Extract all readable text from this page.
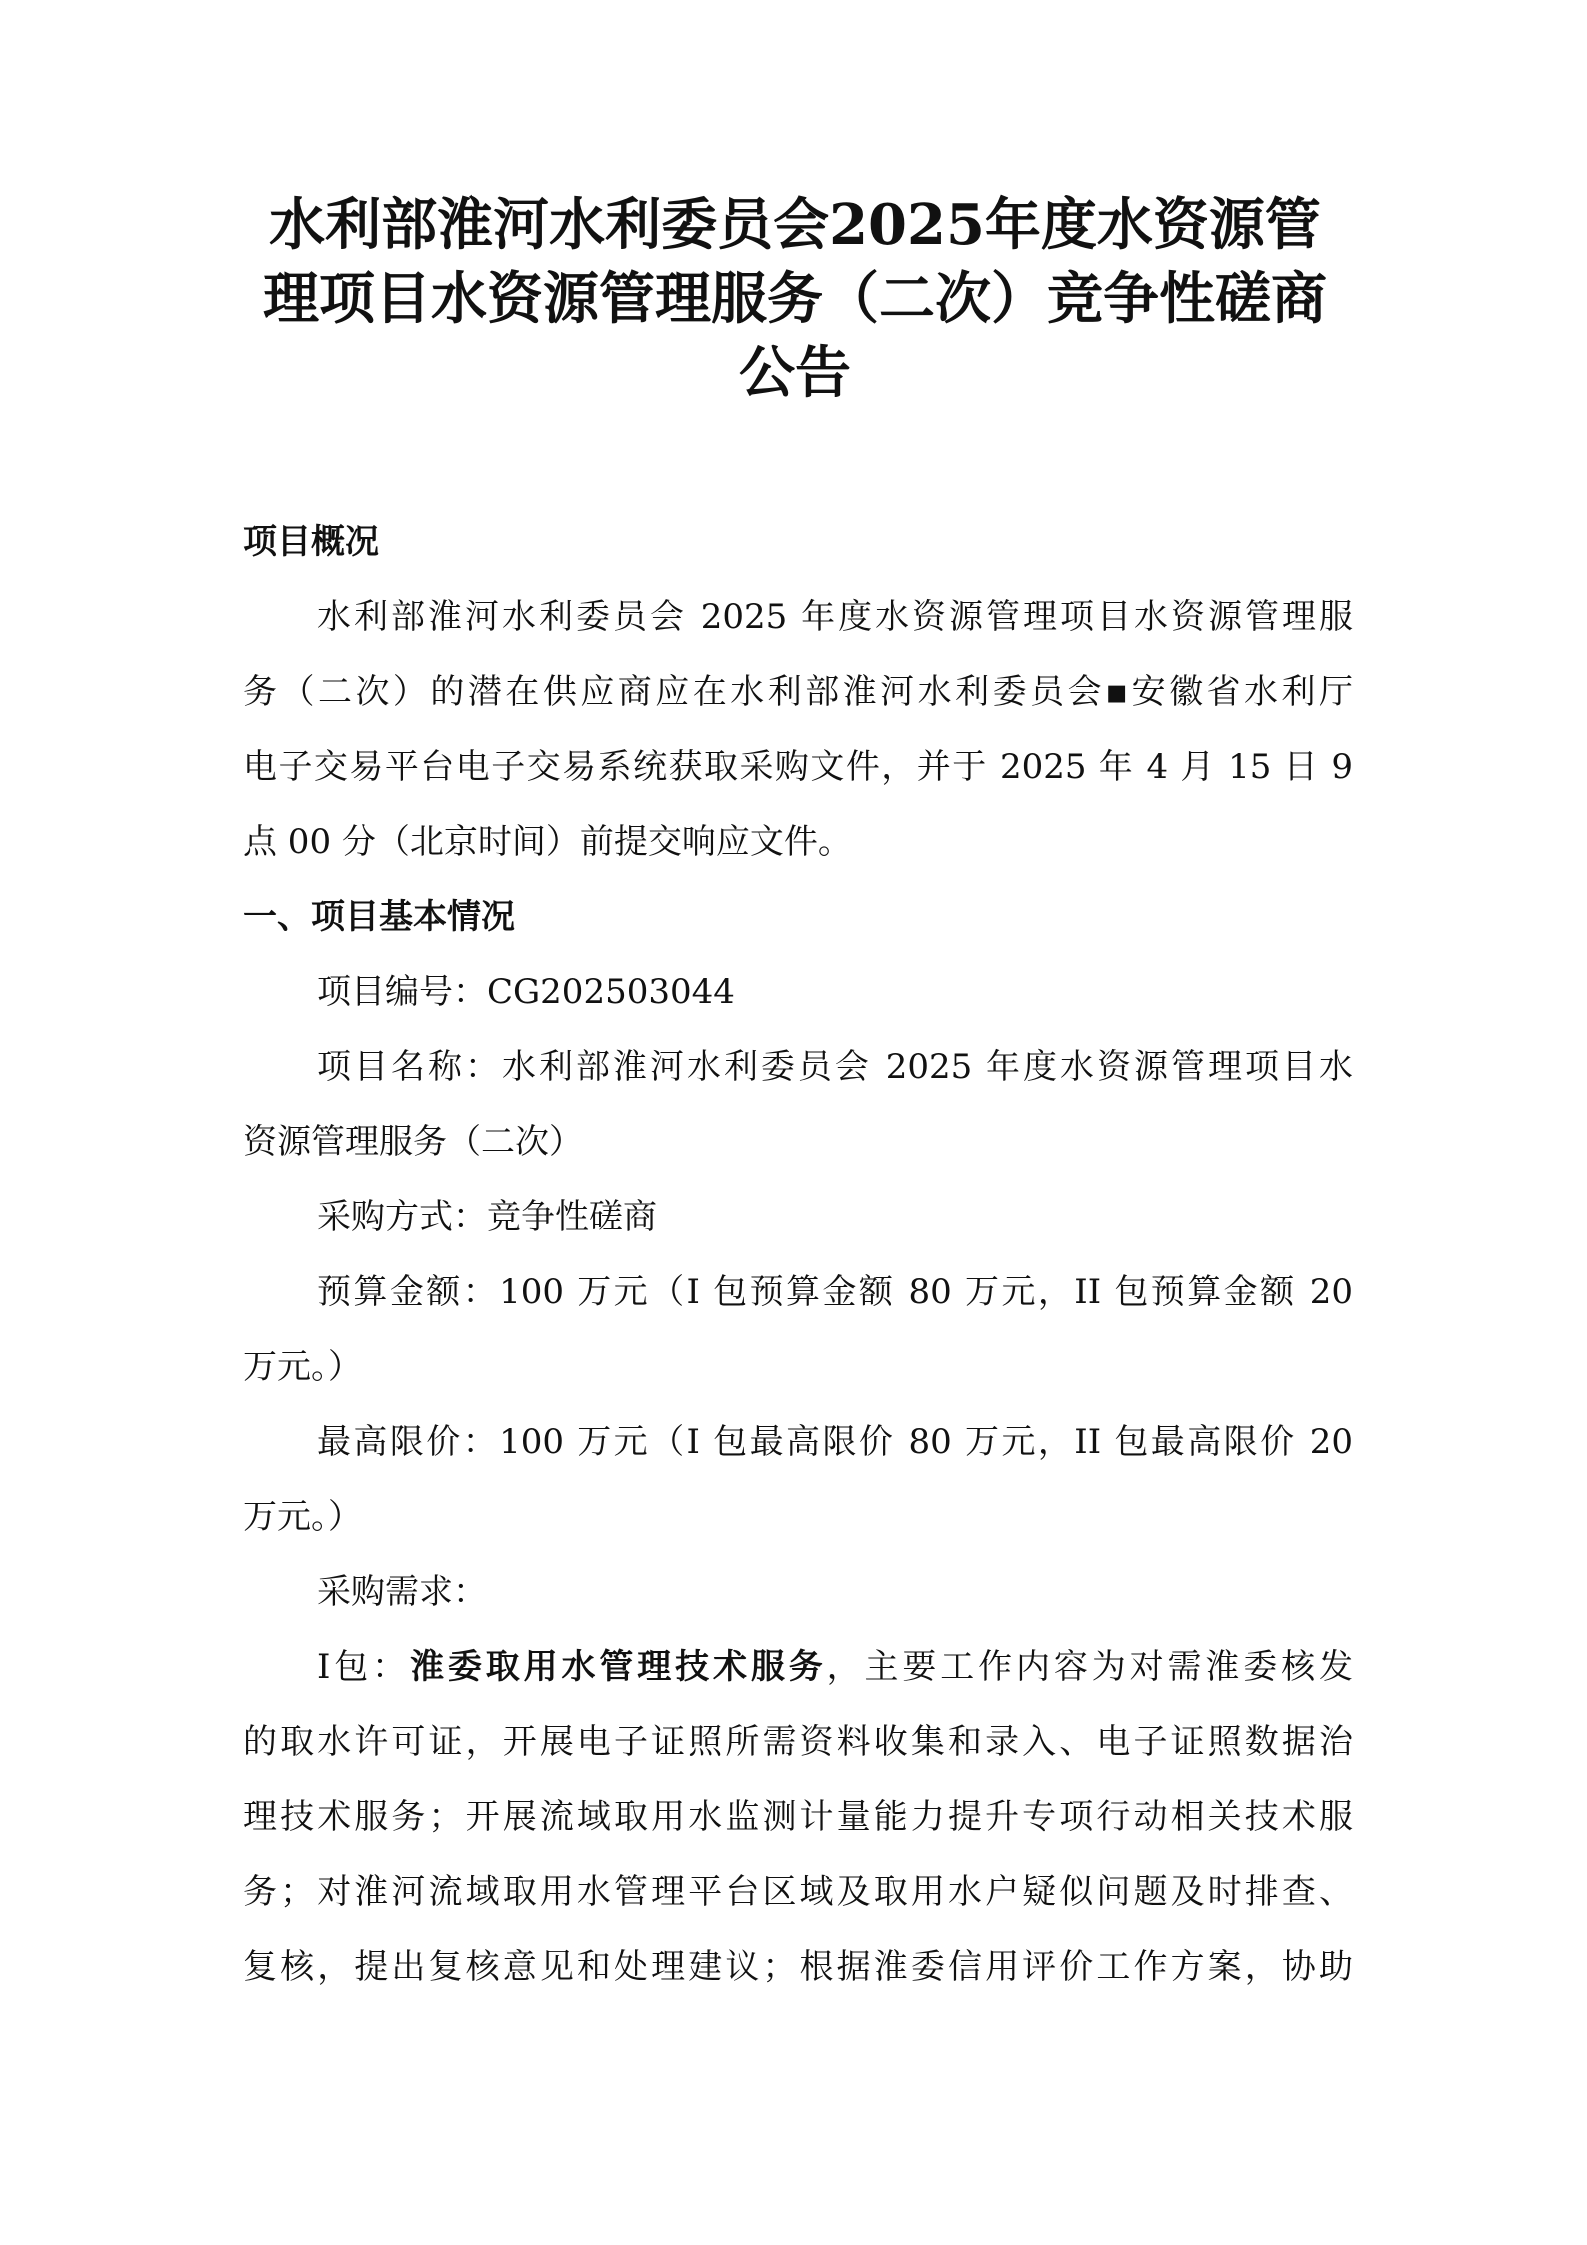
水利部淮河水利委员会2025年度水资源管
理项目水资源管理服务（二次）竞争性磋商
公告
项目概况
水利部淮河水利委员会 2025 年度水资源管理项目水资源管理服
务（二次）的潜在供应商应在水利部淮河水利委员会▪安徽省水利厅
电子交易平台电子交易系统获取采购文件，并于 2025 年 4 月 15 日 9
点 00 分（北京时间）前提交响应文件。
一、项目基本情况
项目编号：CG202503044
项目名称：水利部淮河水利委员会 2025 年度水资源管理项目水
资源管理服务（二次）
采购方式：竞争性磋商
预算金额：100 万元（I 包预算金额 80 万元，II 包预算金额 20
万元。）
最高限价：100 万元（I 包最高限价 80 万元，II 包最高限价 20
万元。）
采购需求：
Ⅰ包：淮委取用水管理技术服务，主要工作内容为对需淮委核发
的取水许可证，开展电子证照所需资料收集和录入、电子证照数据治
理技术服务；开展流域取用水监测计量能力提升专项行动相关技术服
务；对淮河流域取用水管理平台区域及取用水户疑似问题及时排查、
复核，提出复核意见和处理建议；根据淮委信用评价工作方案，协助
